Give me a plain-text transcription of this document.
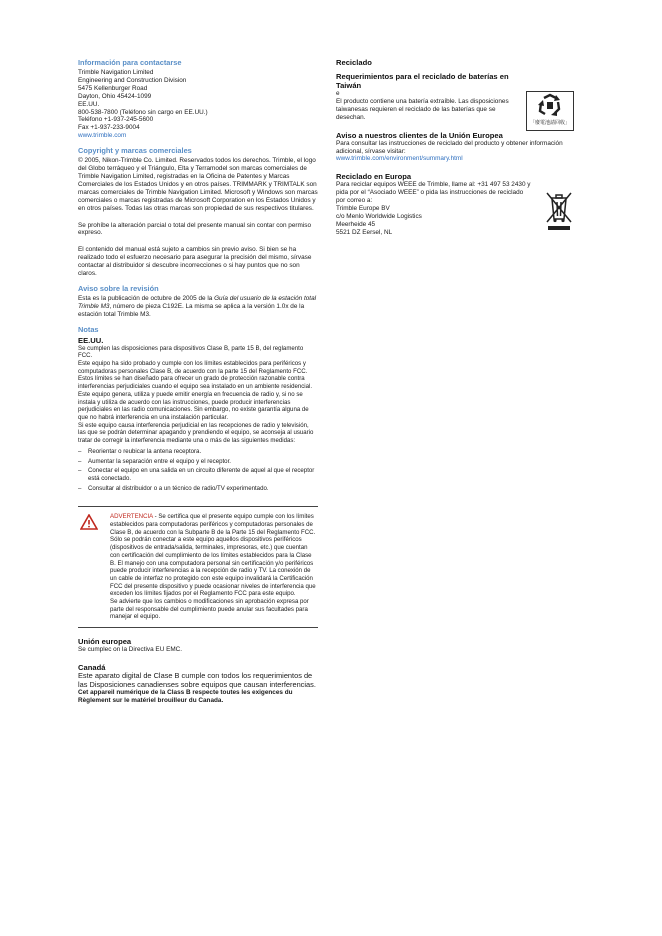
Información para contactarse

Trimble Navigation Limited
Engineering and Construction Division
5475 Kellenburger Road
Dayton, Ohio 45424-1099
EE.UU.
800-538-7800 (Teléfono sin cargo en EE.UU.)
Teléfono +1-937-245-5600
Fax +1-937-233-9004

www.trimble.com
Copyright y marcas comerciales

© 2005, Nikon-Trimble Co. Limited. Reservados todos los derechos. Trimble, el logo del Globo terráqueo y el Triángulo, Elta y Terramodel son marcas comerciales de Trimble Navigation Limited, registradas en la Oficina de Patentes y Marcas Comerciales de los Estados Unidos y en otros países. TRIMMARK y TRIMTALK son marcas comerciales de Trimble Navigation Limited. Microsoft y Windows son marcas comerciales o marcas registradas de Microsoft Corporation en los Estados Unidos y en otros países. Todas las otras marcas son propiedad de sus respectivos titulares.

Se prohíbe la alteración parcial o total del presente manual sin contar con permiso expreso.

El contenido del manual está sujeto a cambios sin previo aviso. Si bien se ha realizado todo el esfuerzo necesario para asegurar la precisión del mismo, sírvase contactar al distribuidor si descubre incorrecciones o si hay puntos que no son claros.

Aviso sobre la revisión

Esta es la publicación de octubre de 2005 de la Guía del usuario de la estación total Trimble M3, número de pieza C192E. La misma se aplica a la versión 1.0x de la estación total Trimble M3.

Notas
EE.UU.

Se cumplen las disposiciones para dispositivos Clase B, parte 15 B, del reglamento FCC.

Este equipo ha sido probado y cumple con los límites establecidos para periféricos y computadoras personales Clase B, de acuerdo con la parte 15 del Reglamento FCC. Estos límites se han diseñado para ofrecer un grado de protección razonable contra interferencias perjudiciales cuando el equipo sea instalado en un ambiente residencial. Este equipo genera, utiliza y puede emitir energía en frecuencia de radio y, si no se instala y utiliza de acuerdo con las instrucciones, puede producir interferencias perjudiciales en las radio comunicaciones. Sin embargo, no existe garantía alguna de que no habrá interferencia en una instalación particular.

Si este equipo causa interferencia perjudicial en las recepciones de radio y televisión, las que se podrán determinar apagando y prendiendo el equipo, se aconseja al usuario tratar de corregir la interferencia mediante una o más de las siguientes medidas:

– Reorientar o reubicar la antena receptora.
– Aumentar la separación entre el equipo y el receptor.
– Conectar el equipo en una salida en un circuito diferente de aquel al que el receptor está conectado.
– Consultar al distribuidor o a un técnico de radio/TV experimentado.
ADVERTENCIA - Se certifica que el presente equipo cumple con los límites establecidos para computadoras periféricos y computadoras personales de Clase B, de acuerdo con la Subparte B de la Parte 15 del Reglamento FCC. Sólo se podrán conectar a este equipo aquellos dispositivos periféricos (dispositivos de entrada/salida, terminales, impresoras, etc.) que cuentan con certificación del cumplimiento de los límites establecidos para la Clase B. El manejo con una computadora personal sin certificación y/o periféricos puede producir interferencias a la recepción de radio y TV. La conexión de un cable de interfaz no protegido con este equipo invalidará la Certificación FCC del presente dispositivo y puede ocasionar niveles de interferencia que exceden los límites fijados por el Reglamento FCC para este equipo.
Se advierte que los cambios o modificaciones sin aprobación expresa por parte del responsable del cumplimiento puede anular sus facultades para manejar el equipo.
Unión europea

Se cumplec on la Directiva EU EMC.

Canadá

Este aparato digital de Clase B cumple con todos los requerimientos de las Disposiciones canadienses sobre equipos que causan interferencias.

Cet appareil numérique de la Class B respecte toutes les exigences du Règlement sur le matériel brouilleur du Canada.

Reciclado
Requerimientos para el reciclado de baterías en Taiwán

e

El producto contiene una batería extraíble. Las disposiciones taiwanesas requieren el reciclado de las baterías que se desechan.

Aviso a nuestros clientes de la Unión Europea

Para consultar las instrucciones de reciclado del producto y obtener información adicional, sírvase visitar:

www.trimble.com/environment/summary.html
Reciclado en Europa

Para reciclar equipos WEEE de Trimble, llame al: +31 497 53 2430 y
pida por el “Asociado WEEE” o pida las instrucciones de reciclado por correo a:
Trimble Europe BV
c/o Menlo Worldwide Logistics
Meerheide 45
5521 DZ Eersel, NL

「廢電池請回收」
